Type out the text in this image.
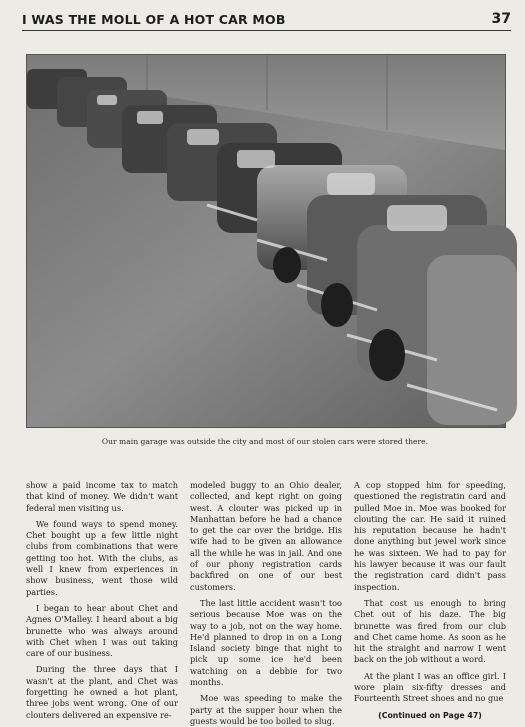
I WAS THE MOLL OF A HOT CAR MOB	37
Our main garage was outside the city and most of our stolen cars were stored there.

show a paid income tax to match that kind of money. We didn't want federal men visiting us.

We found ways to spend money. Chet bought up a few little night clubs from combinations that were getting too hot. With the clubs, as well I knew from experiences in show business, went those wild parties.

I began to hear about Chet and Agnes O'Malley. I heard about a big brunette who was always around with Chet when I was out taking care of our business.

During the three days that I wasn't at the plant, and Chet was forgetting he owned a hot plant, three jobs went wrong. One of our clouters delivered an expensive re-

modeled buggy to an Ohio dealer, collected, and kept right on going west. A clouter was picked up in Manhattan before he had a chance to get the car over the bridge. His wife had to be given an allowance all the while he was in jail. And one of our phony registration cards backfired on one of our best customers.

The last little accident wasn't too serious because Moe was on the way to a job, not on the way home. He'd planned to drop in on a Long Island society binge that night to pick up some ice he'd been watching on a debbie for two months.

Moe was speeding to make the party at the supper hour when the guests would be too boiled to slug.

A cop stopped him for speeding, questioned the registratin card and pulled Moe in. Moe was booked for clouting the car. He said it ruined his reputation because he hadn't done anything but jewel work since he was sixteen. We had to pay for his lawyer because it was our fault the registration card didn't pass inspection.

That cost us enough to bring Chet out of his daze. The big brunette was fired from our club and Chet came home. As soon as he hit the straight and narrow I went back on the job without a word.

At the plant I was an office girl. I wore plain six-fifty dresses and Fourteenth Street shoes and no gue

(Continued on Page 47)
